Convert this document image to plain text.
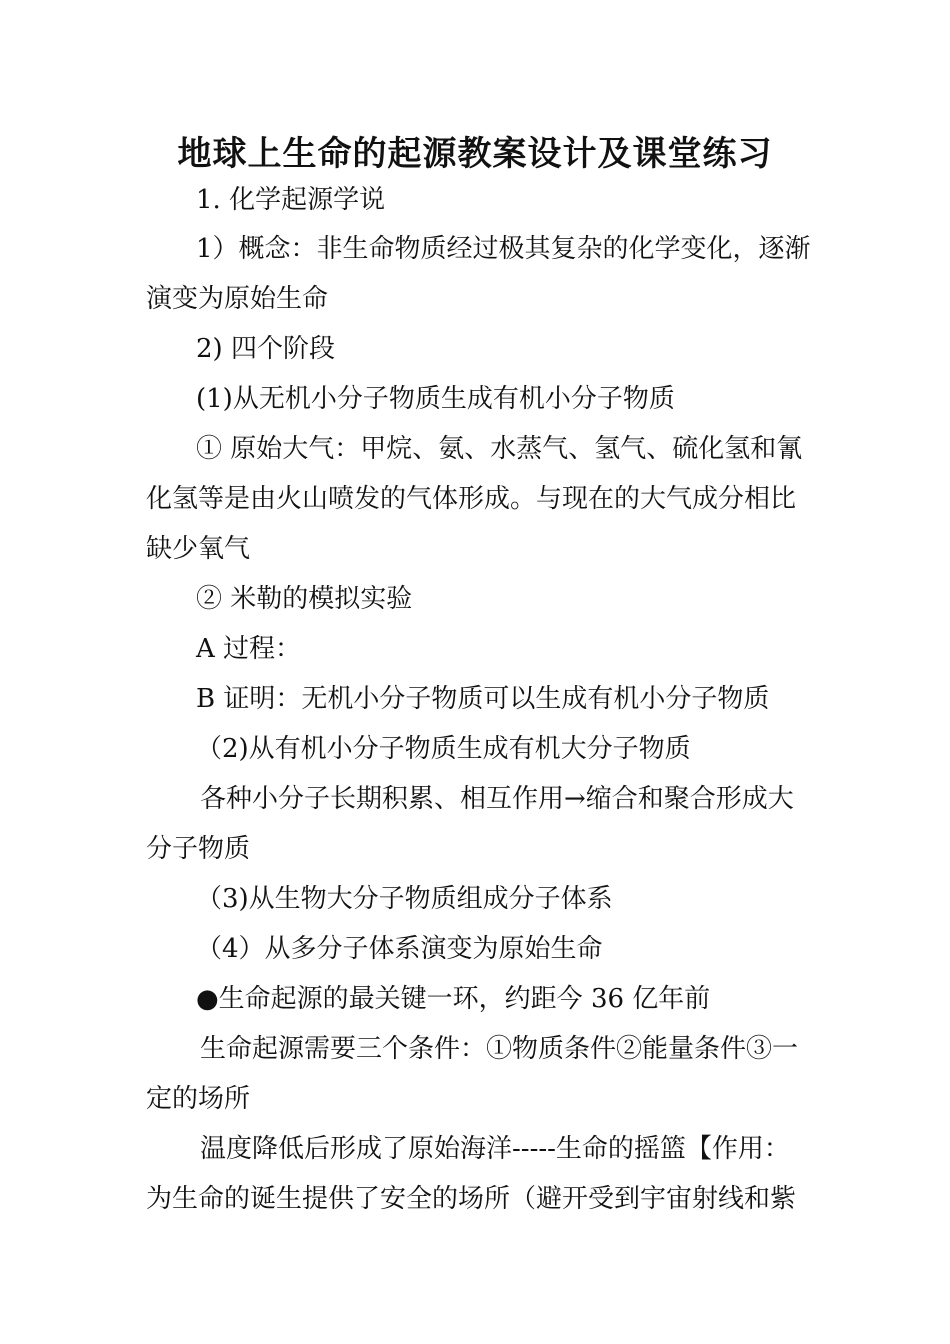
地球上生命的起源教案设计及课堂练习
1. 化学起源学说
1）概念：非生命物质经过极其复杂的化学变化，逐渐
演变为原始生命
2) 四个阶段
(1)从无机小分子物质生成有机小分子物质
① 原始大气：甲烷、氨、水蒸气、氢气、硫化氢和氰
化氢等是由火山喷发的气体形成。与现在的大气成分相比
缺少氧气
② 米勒的模拟实验
A 过程：
B 证明：无机小分子物质可以生成有机小分子物质
（2)从有机小分子物质生成有机大分子物质
各种小分子长期积累、相互作用→缩合和聚合形成大
分子物质
（3)从生物大分子物质组成分子体系
（4）从多分子体系演变为原始生命
●生命起源的最关键一环，约距今 36 亿年前
生命起源需要三个条件：①物质条件②能量条件③一
定的场所
温度降低后形成了原始海洋-----生命的摇篮【作用：
为生命的诞生提供了安全的场所（避开受到宇宙射线和紫
